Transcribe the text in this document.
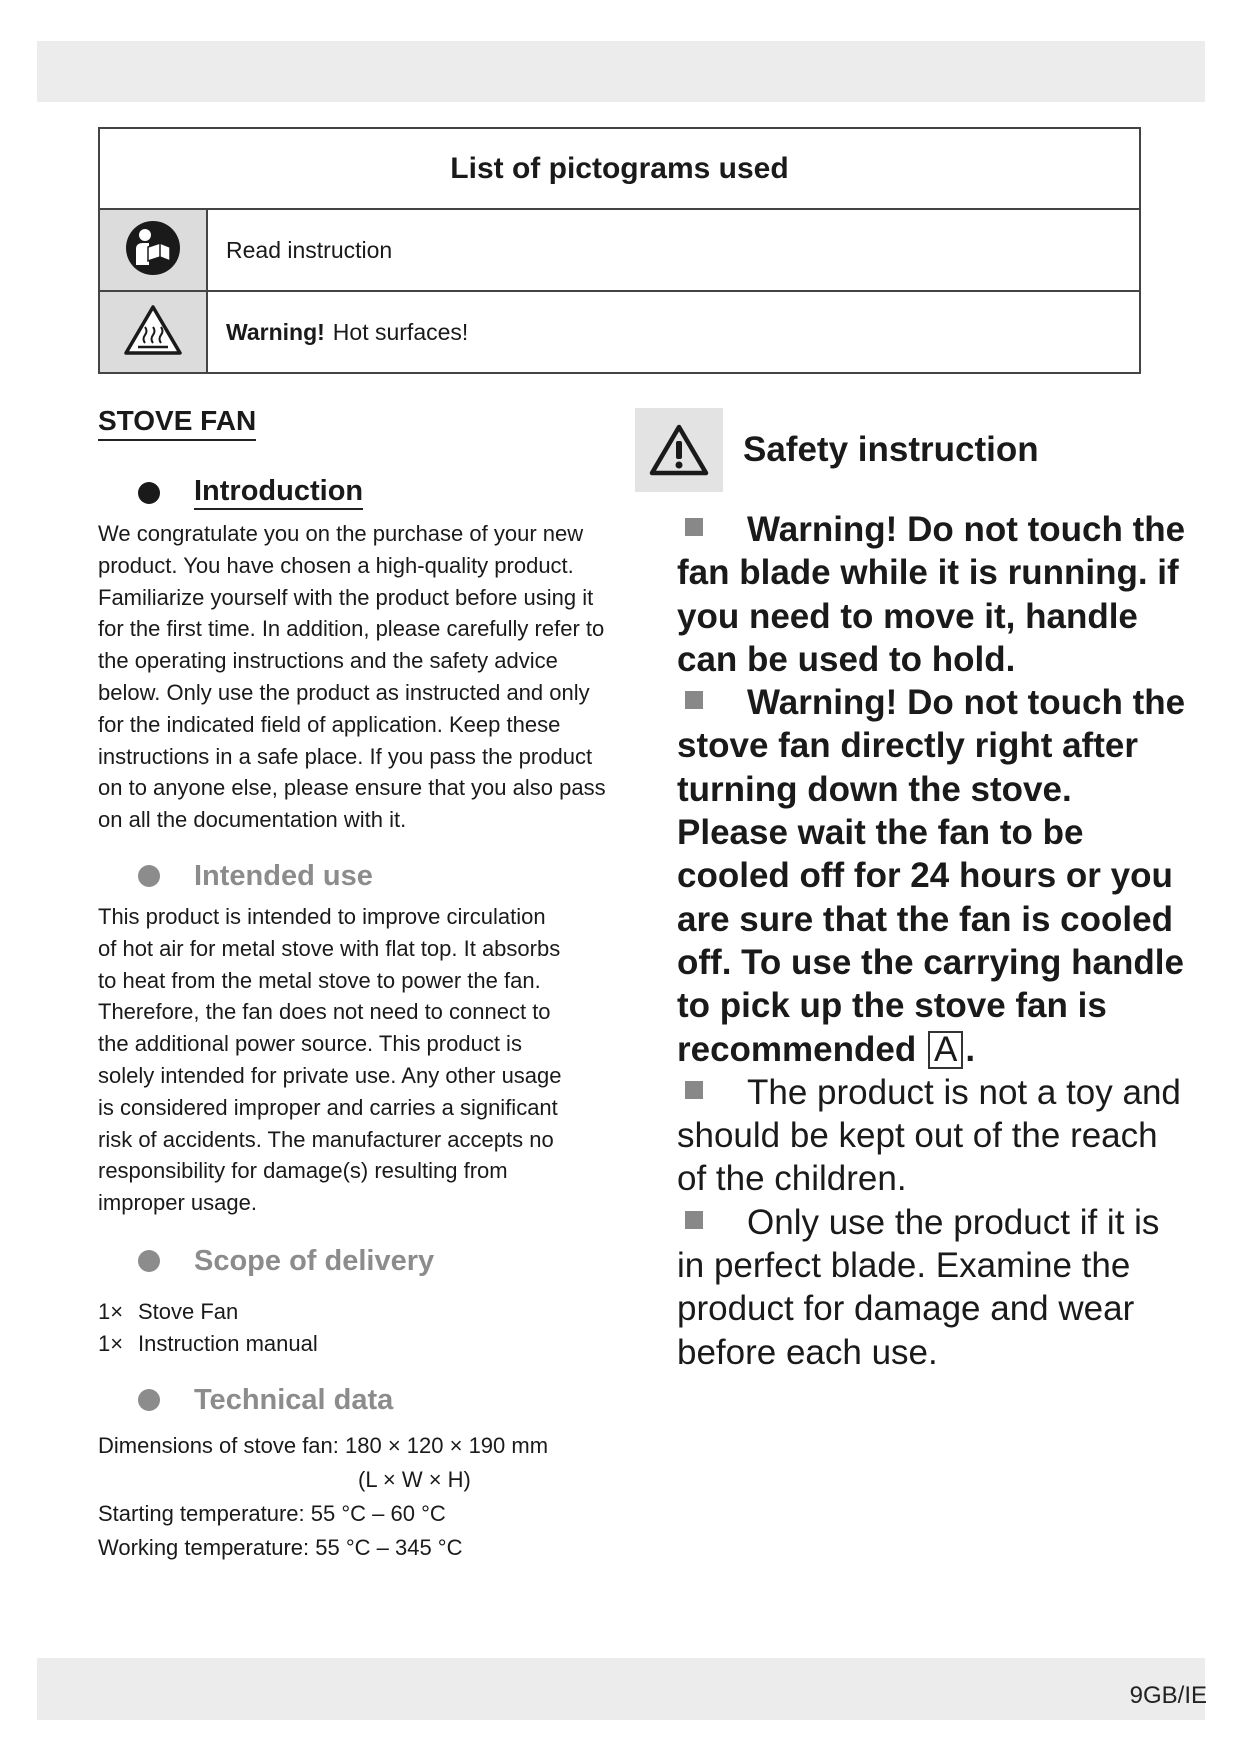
List of pictograms used
Read instruction
Warning! Hot surfaces!
STOVE FAN
Introduction

We congratulate you on the purchase of your new product. You have chosen a high-quality product. Familiarize yourself with the product before using it for the first time. In addition, please carefully refer to the operating instructions and the safety advice below. Only use the product as instructed and only for the indicated field of application. Keep these instructions in a safe place. If you pass the product on to anyone else, please ensure that you also pass on all the documentation with it.

Intended use

This product is intended to improve circulation of hot air for metal stove with flat top. It absorbs to heat from the metal stove to power the fan. Therefore, the fan does not need to connect to the additional power source. This product is solely intended for private use. Any other usage is considered improper and carries a significant risk of accidents. The manufacturer accepts no responsibility for damage(s) resulting from improper usage.

Scope of delivery
1× Stove Fan
1× Instruction manual
Technical data
Dimensions of stove fan: 180 × 120 × 190 mm
(L × W × H)
Starting temperature: 55 °C – 60 °C
Working temperature: 55 °C – 345 °C
Safety instruction
Warning! Do not touch the fan blade while it is running. if you need to move it, handle can be used to hold.
Warning! Do not touch the stove fan directly right after turning down the stove. Please wait the fan to be cooled off for 24 hours or you are sure that the fan is cooled off. To use the carrying handle to pick up the stove fan is recommended A .
The product is not a toy and should be kept out of the reach of the children.
Only use the product if it is in perfect blade. Examine the product for damage and wear before each use.
9GB/IE
